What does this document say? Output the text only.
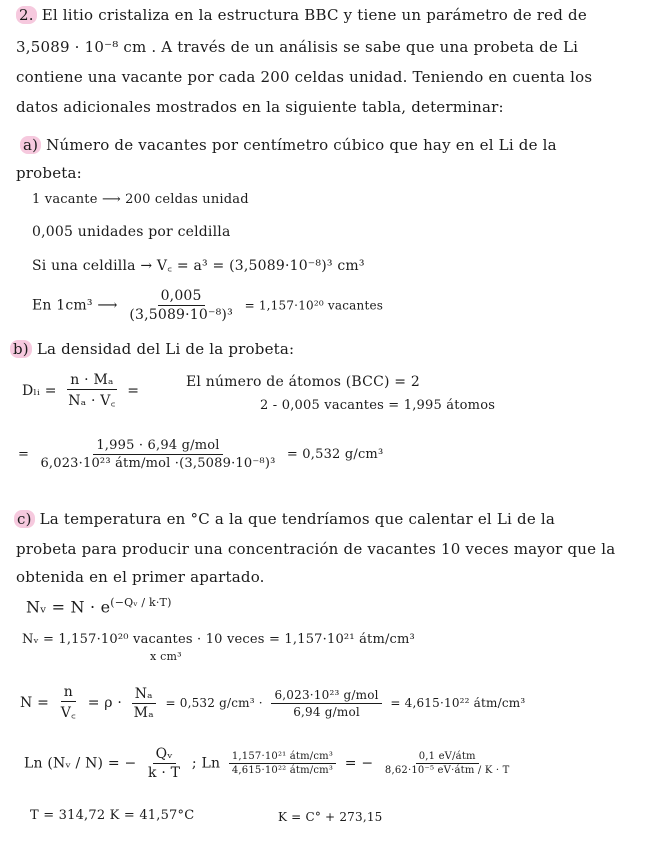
2. El litio cristaliza en la estructura BBC y tiene un parámetro de red de
3,5089 · 10⁻⁸ cm . A través de un análisis se sabe que una probeta de Li
contiene una vacante por cada 200 celdas unidad. Teniendo en cuenta los
datos adicionales mostrados en la siguiente tabla, determinar:
a) Número de vacantes por centímetro cúbico que hay en el Li de la
probeta:
1 vacante ⟶ 200 celdas unidad
0,005 unidades por celdilla
Si una celdilla → V꜀ = a³ = (3,5089·10⁻⁸)³ cm³
En 1cm³ ⟶ $\frac{0,005}{\text{(3,5089·10⁻⁸)³}} = 1,157\cdot 10^{20}$ vacantes
b) La densidad del Li de la probeta:
Dₗᵢ = $\frac{\text{n · Mₐ}}{\text{Nₐ · V꜀}}$ =
El número de átomos (BCC) = 2
2 - 0,005 vacantes = 1,995 átomos
= $\frac{\text{1,995 · 6,94 g/mol}}{\text{6,023·10²³ átm/mol ·(3,5089·10⁻⁸)³}} = 0,532$ g/cm³
c) La temperatura en °C a la que tendríamos que calentar el Li de la
probeta para producir una concentración de vacantes 10 veces mayor que la
obtenida en el primer apartado.
Nᵥ = $N \cdot e^{(-Qᵥ / k\cdot T)}$
Nᵥ = 1,157·10²⁰ vacantes · 10 veces = 1,157·10²¹ átm/cm³
x cm³
$N = \frac{n}{V꜀} = \rho \cdot \frac{\text{Nₐ}}{\text{Mₐ}} = 0,532$ $g/cm^3 \cdot \frac{\text{6,023·10²³ g/mol}}{\text{6,94 g/mol}} = 4,615\cdot 10^{22}$ átm/cm³
Ln (Nᵥ / N) = − $\frac{\text{Qᵥ}}{k \cdot T}$ ; Ln $\frac{\text{1,157·10²¹ átm/cm³}}{\text{4,615·10²² átm/cm³}}$ = − $\frac{\text{0,1 eV/átm}}{\text{8,62·10⁻⁵ eV·átm / K · T}}$
T = 314,72 K = 41,57°C	K = C° + 273,15
